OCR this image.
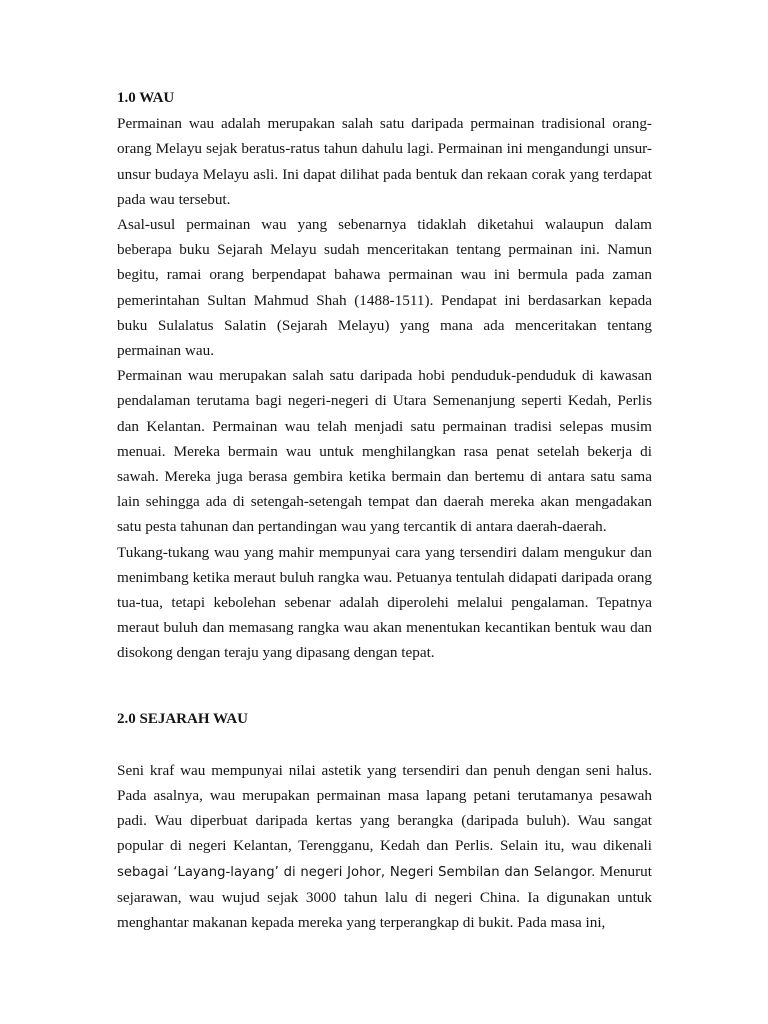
1.0 WAU

Permainan wau adalah merupakan salah satu daripada permainan tradisional orang-orang Melayu sejak beratus-ratus tahun dahulu lagi. Permainan ini mengandungi unsur-unsur budaya Melayu asli. Ini dapat dilihat pada bentuk dan rekaan corak yang terdapat pada wau tersebut.

Asal-usul permainan wau yang sebenarnya tidaklah diketahui walaupun dalam beberapa buku Sejarah Melayu sudah menceritakan tentang permainan ini. Namun begitu, ramai orang berpendapat bahawa permainan wau ini bermula pada zaman pemerintahan Sultan Mahmud Shah (1488-1511). Pendapat ini berdasarkan kepada buku Sulalatus Salatin (Sejarah Melayu) yang mana ada menceritakan tentang permainan wau.

Permainan wau merupakan salah satu daripada hobi penduduk-penduduk di kawasan pendalaman terutama bagi negeri-negeri di Utara Semenanjung seperti Kedah, Perlis dan Kelantan. Permainan wau telah menjadi satu permainan tradisi selepas musim menuai. Mereka bermain wau untuk menghilangkan rasa penat setelah bekerja di sawah. Mereka juga berasa gembira ketika bermain dan bertemu di antara satu sama lain sehingga ada di setengah-setengah tempat dan daerah mereka akan mengadakan satu pesta tahunan dan pertandingan wau yang tercantik di antara daerah-daerah.

Tukang-tukang wau yang mahir mempunyai cara yang tersendiri dalam mengukur dan menimbang ketika meraut buluh rangka wau. Petuanya tentulah didapati daripada orang tua-tua, tetapi kebolehan sebenar adalah diperolehi melalui pengalaman. Tepatnya meraut buluh dan memasang rangka wau akan menentukan kecantikan bentuk wau dan disokong dengan teraju yang dipasang dengan tepat.

2.0 SEJARAH WAU

Seni kraf wau mempunyai nilai astetik yang tersendiri dan penuh dengan seni halus. Pada asalnya, wau merupakan permainan masa lapang petani terutamanya pesawah padi. Wau diperbuat daripada kertas yang berangka (daripada buluh). Wau sangat popular di negeri Kelantan, Terengganu, Kedah dan Perlis. Selain itu, wau dikenali sebagai ‘Layang-layang’ di negeri Johor, Negeri Sembilan dan Selangor. Menurut sejarawan, wau wujud sejak 3000 tahun lalu di negeri China. Ia digunakan untuk menghantar makanan kepada mereka yang terperangkap di bukit. Pada masa ini,
